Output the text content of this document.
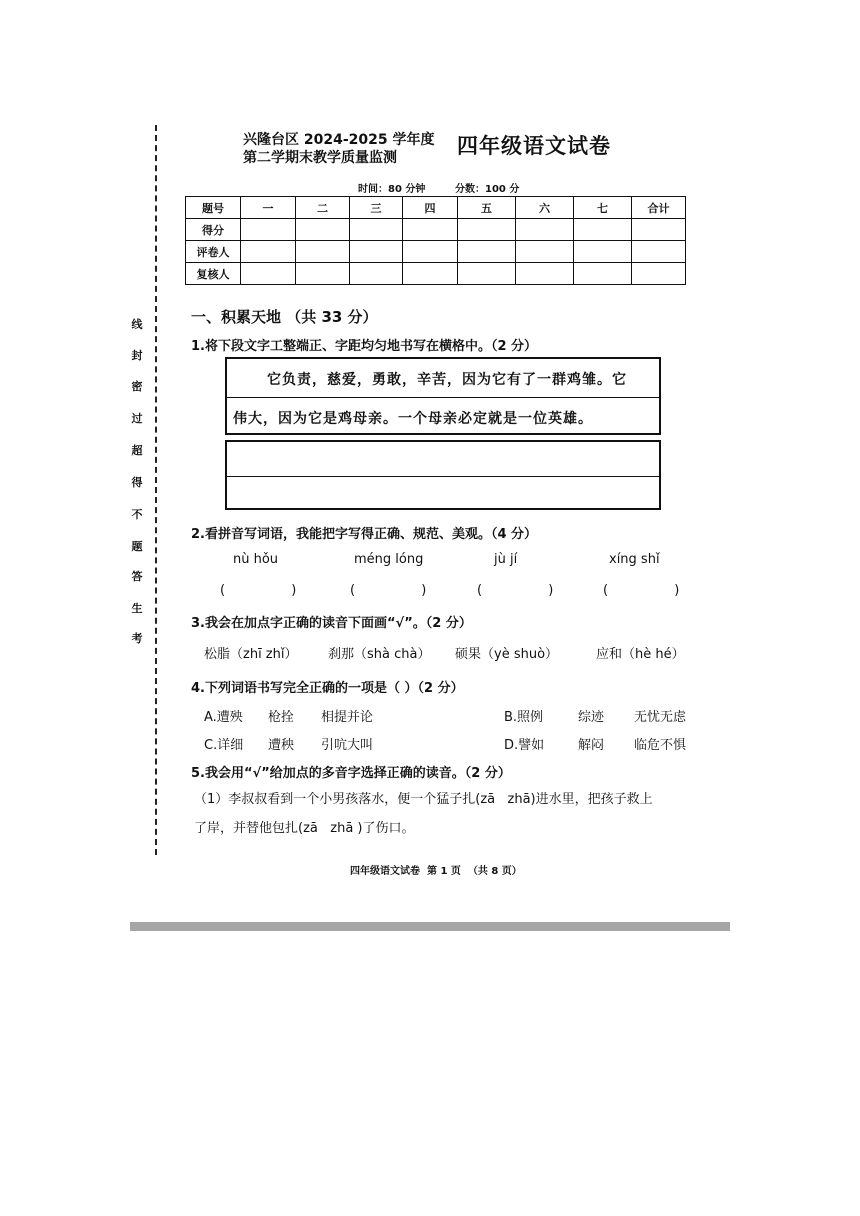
线
封
密
过
超
得
不
题
答
生
考
兴隆台区 2024-2025 学年度
第二学期末教学质量监测	四年级语文试卷
时间：80 分钟	分数：100 分
题号	一	二	三	四	五	六	七	合计
得分								
评卷人								
复核人								
一、积累天地 （共 33 分）
1.将下段文字工整端正、字距均匀地书写在横格中。（2 分）
它负责，慈爱，勇敢，辛苦，因为它有了一群鸡雏。它
伟大，因为它是鸡母亲。一个母亲必定就是一位英雄。
2.看拼音写词语，我能把字写得正确、规范、美观。（4 分）
nù hǒu	méng lóng	jù jí	xíng shǐ
(                )	(                )	(                )	(                )
3.我会在加点字正确的读音下面画“√”。（2 分）
松脂（zhī zhǐ） 刹那（shà chà） 硕果（yè shuò）	应和（hè hé）
4.下列词语书写完全正确的一项是（ ）（2 分）
A.遭殃 枪拴 相提并论	B.照例	综迹 无忧无虑
C.详细 遭秧 引吭大叫	D.譬如	解闷 临危不惧
5.我会用“√”给加点的多音字选择正确的读音。（2 分）
（1）李叔叔看到一个小男孩落水，便一个猛子扎(zā   zhā)进水里，把孩子救上
了岸，并替他包扎(zā   zhā )了伤口。
四年级语文试卷  第 1 页  （共 8 页）
